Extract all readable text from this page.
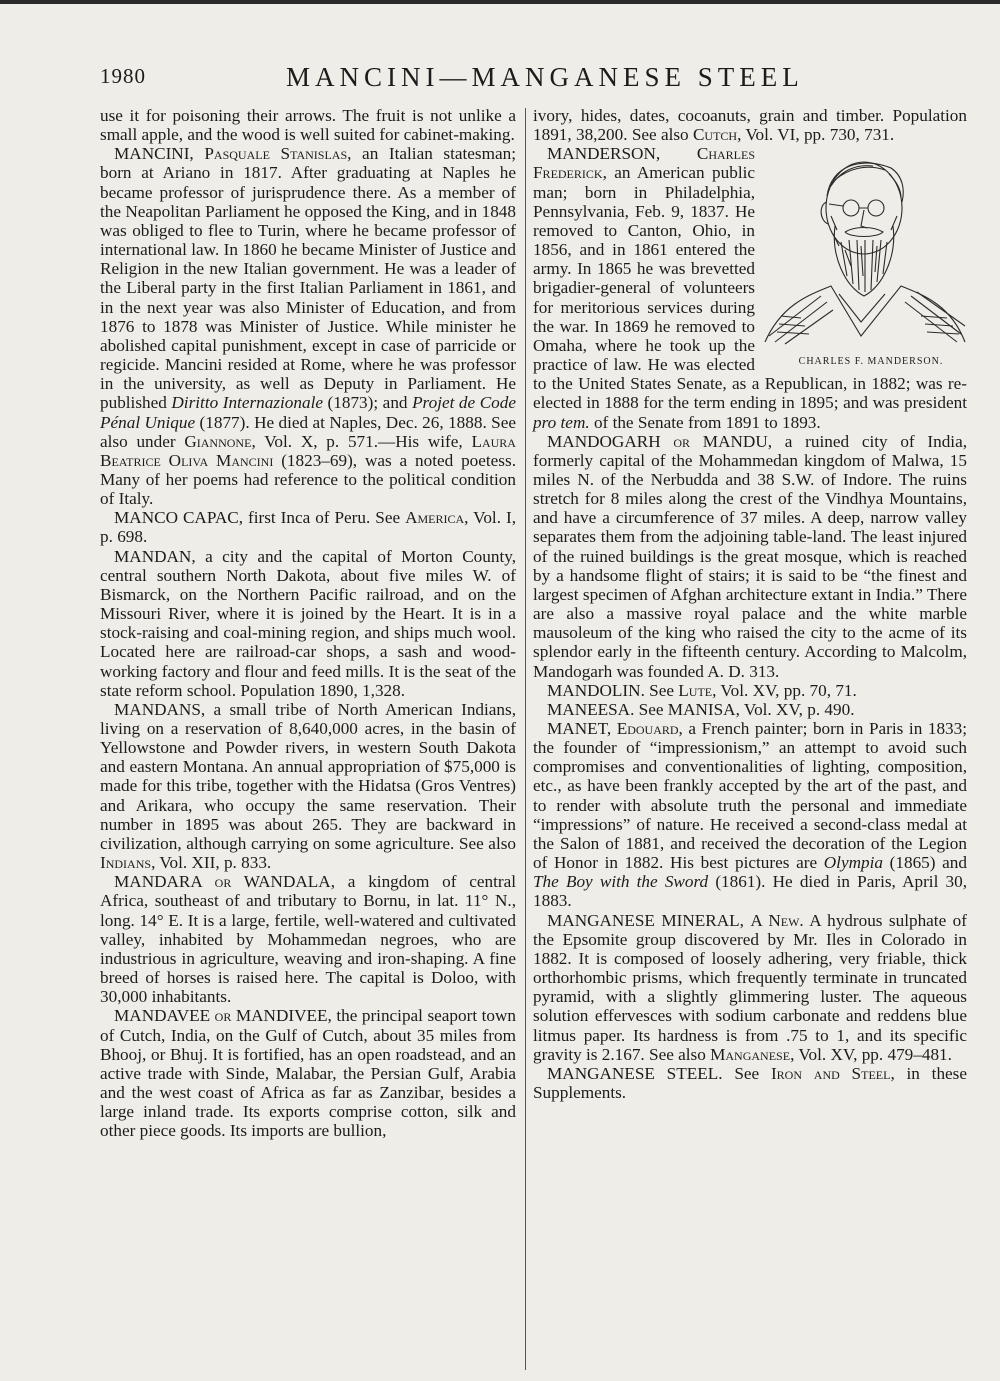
1980	MANCINI—MANGANESE STEEL

use it for poisoning their arrows. The fruit is not unlike a small apple, and the wood is well suited for cabinet-making.

MANCINI, Pasquale Stanislas, an Italian statesman; born at Ariano in 1817. After graduating at Naples he became professor of jurisprudence there. As a member of the Neapolitan Parliament he opposed the King, and in 1848 was obliged to flee to Turin, where he became professor of international law. In 1860 he became Minister of Justice and Religion in the new Italian government. He was a leader of the Liberal party in the first Italian Parliament in 1861, and in the next year was also Minister of Education, and from 1876 to 1878 was Minister of Justice. While minister he abolished capital punishment, except in case of parricide or regicide. Mancini resided at Rome, where he was professor in the university, as well as Deputy in Parliament. He published Diritto Internazionale (1873); and Projet de Code Pénal Unique (1877). He died at Naples, Dec. 26, 1888. See also under Giannone, Vol. X, p. 571.—His wife, Laura Beatrice Oliva Mancini (1823–69), was a noted poetess. Many of her poems had reference to the political condition of Italy.

MANCO CAPAC, first Inca of Peru. See America, Vol. I, p. 698.

MANDAN, a city and the capital of Morton County, central southern North Dakota, about five miles W. of Bismarck, on the Northern Pacific railroad, and on the Missouri River, where it is joined by the Heart. It is in a stock-raising and coal-mining region, and ships much wool. Located here are railroad-car shops, a sash and wood-working factory and flour and feed mills. It is the seat of the state reform school. Population 1890, 1,328.

MANDANS, a small tribe of North American Indians, living on a reservation of 8,640,000 acres, in the basin of Yellowstone and Powder rivers, in western South Dakota and eastern Montana. An annual appropriation of $75,000 is made for this tribe, together with the Hidatsa (Gros Ventres) and Arikara, who occupy the same reservation. Their number in 1895 was about 265. They are backward in civilization, although carrying on some agriculture. See also Indians, Vol. XII, p. 833.

MANDARA or WANDALA, a kingdom of central Africa, southeast of and tributary to Bornu, in lat. 11° N., long. 14° E. It is a large, fertile, well-watered and cultivated valley, inhabited by Mohammedan negroes, who are industrious in agriculture, weaving and iron-shaping. A fine breed of horses is raised here. The capital is Doloo, with 30,000 inhabitants.

MANDAVEE or MANDIVEE, the principal seaport town of Cutch, India, on the Gulf of Cutch, about 35 miles from Bhooj, or Bhuj. It is fortified, has an open roadstead, and an active trade with Sinde, Malabar, the Persian Gulf, Arabia and the west coast of Africa as far as Zanzibar, besides a large inland trade. Its exports comprise cotton, silk and other piece goods. Its imports are bullion,

ivory, hides, dates, cocoanuts, grain and timber. Population 1891, 38,200. See also Cutch, Vol. VI, pp. 730, 731.

CHARLES F. MANDERSON.
MANDERSON, Charles Frederick, an American public man; born in Philadelphia, Pennsylvania, Feb. 9, 1837. He removed to Canton, Ohio, in 1856, and in 1861 entered the army. In 1865 he was brevetted brigadier-general of volunteers for meritorious services during the war. In 1869 he removed to Omaha, where he took up the practice of law. He was elected to the United States Senate, as a Republican, in 1882; was re-elected in 1888 for the term ending in 1895; and was president pro tem. of the Senate from 1891 to 1893.

MANDOGARH or MANDU, a ruined city of India, formerly capital of the Mohammedan kingdom of Malwa, 15 miles N. of the Nerbudda and 38 S.W. of Indore. The ruins stretch for 8 miles along the crest of the Vindhya Mountains, and have a circumference of 37 miles. A deep, narrow valley separates them from the adjoining table-land. The least injured of the ruined buildings is the great mosque, which is reached by a handsome flight of stairs; it is said to be “the finest and largest specimen of Afghan architecture extant in India.” There are also a massive royal palace and the white marble mausoleum of the king who raised the city to the acme of its splendor early in the fifteenth century. According to Malcolm, Mandogarh was founded A. D. 313.

MANDOLIN. See Lute, Vol. XV, pp. 70, 71.

MANEESA. See MANISA, Vol. XV, p. 490.

MANET, Edouard, a French painter; born in Paris in 1833; the founder of “impressionism,” an attempt to avoid such compromises and conventionalities of lighting, composition, etc., as have been frankly accepted by the art of the past, and to render with absolute truth the personal and immediate “impressions” of nature. He received a second-class medal at the Salon of 1881, and received the decoration of the Legion of Honor in 1882. His best pictures are Olympia (1865) and The Boy with the Sword (1861). He died in Paris, April 30, 1883.

MANGANESE MINERAL, A New. A hydrous sulphate of the Epsomite group discovered by Mr. Iles in Colorado in 1882. It is composed of loosely adhering, very friable, thick orthorhombic prisms, which frequently terminate in truncated pyramid, with a slightly glimmering luster. The aqueous solution effervesces with sodium carbonate and reddens blue litmus paper. Its hardness is from .75 to 1, and its specific gravity is 2.167. See also Manganese, Vol. XV, pp. 479–481.

MANGANESE STEEL. See Iron and Steel, in these Supplements.
